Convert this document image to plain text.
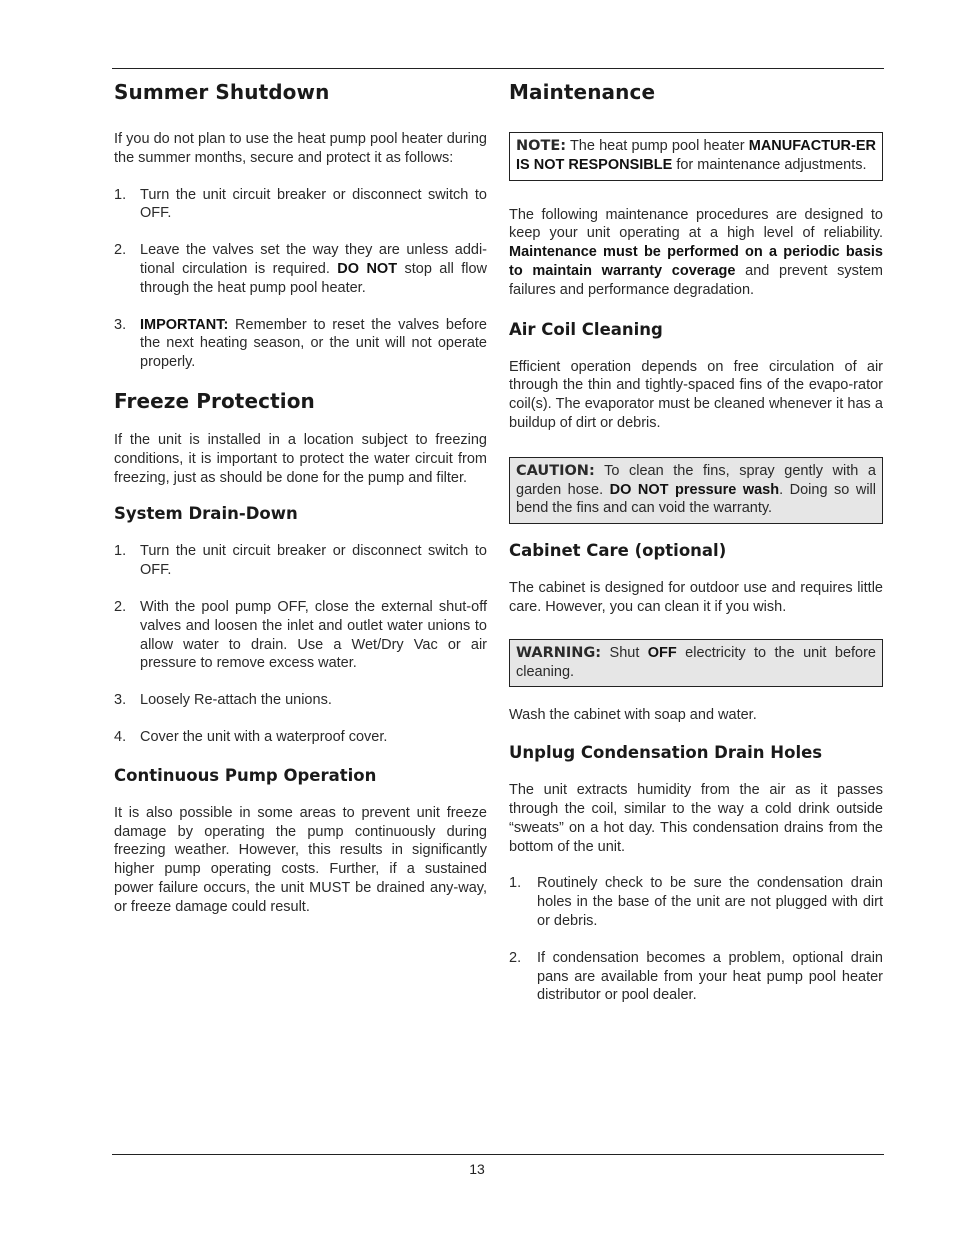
Summer Shutdown

If you do not plan to use the heat pump pool heater during the summer months, secure and protect it as follows:

1. Turn the unit circuit breaker or disconnect switch to OFF.
2. Leave the valves set the way they are unless addi-tional circulation is required. DO NOT stop all flow through the heat pump pool heater.
3. IMPORTANT: Remember to reset the valves before the next heating season, or the unit will not operate properly.
Freeze Protection

If the unit is installed in a location subject to freezing conditions, it is important to protect the water circuit from freezing, just as should be done for the pump and filter.

System Drain-Down
1. Turn the unit circuit breaker or disconnect switch to OFF.
2. With the pool pump OFF, close the external shut-off valves and loosen the inlet and outlet water unions to allow water to drain. Use a Wet/Dry Vac or air pressure to remove excess water.
3. Loosely Re-attach the unions.
4. Cover the unit with a waterproof cover.
Continuous Pump Operation

It is also possible in some areas to prevent unit freeze damage by operating the pump continuously during freezing weather. However, this results in significantly higher pump operating costs. Further, if a sustained power failure occurs, the unit MUST be drained any-way, or freeze damage could result.

Maintenance
NOTE: The heat pump pool heater MANUFACTUR-ER IS NOT RESPONSIBLE for maintenance adjustments.

The following maintenance procedures are designed to keep your unit operating at a high level of reliability. Maintenance must be performed on a periodic basis to maintain warranty coverage and prevent system failures and performance degradation.

Air Coil Cleaning

Efficient operation depends on free circulation of air through the thin and tightly-spaced fins of the evapo-rator coil(s). The evaporator must be cleaned whenever it has a buildup of dirt or debris.

CAUTION: To clean the fins, spray gently with a garden hose. DO NOT pressure wash. Doing so will bend the fins and can void the warranty.
Cabinet Care (optional)

The cabinet is designed for outdoor use and requires little care. However, you can clean it if you wish.

WARNING: Shut OFF electricity to the unit before cleaning.

Wash the cabinet with soap and water.

Unplug Condensation Drain Holes

The unit extracts humidity from the air as it passes through the coil, similar to the way a cold drink outside “sweats” on a hot day. This condensation drains from the bottom of the unit.

1. Routinely check to be sure the condensation drain holes in the base of the unit are not plugged with dirt or debris.
2. If condensation becomes a problem, optional drain pans are available from your heat pump pool heater distributor or pool dealer.
13
